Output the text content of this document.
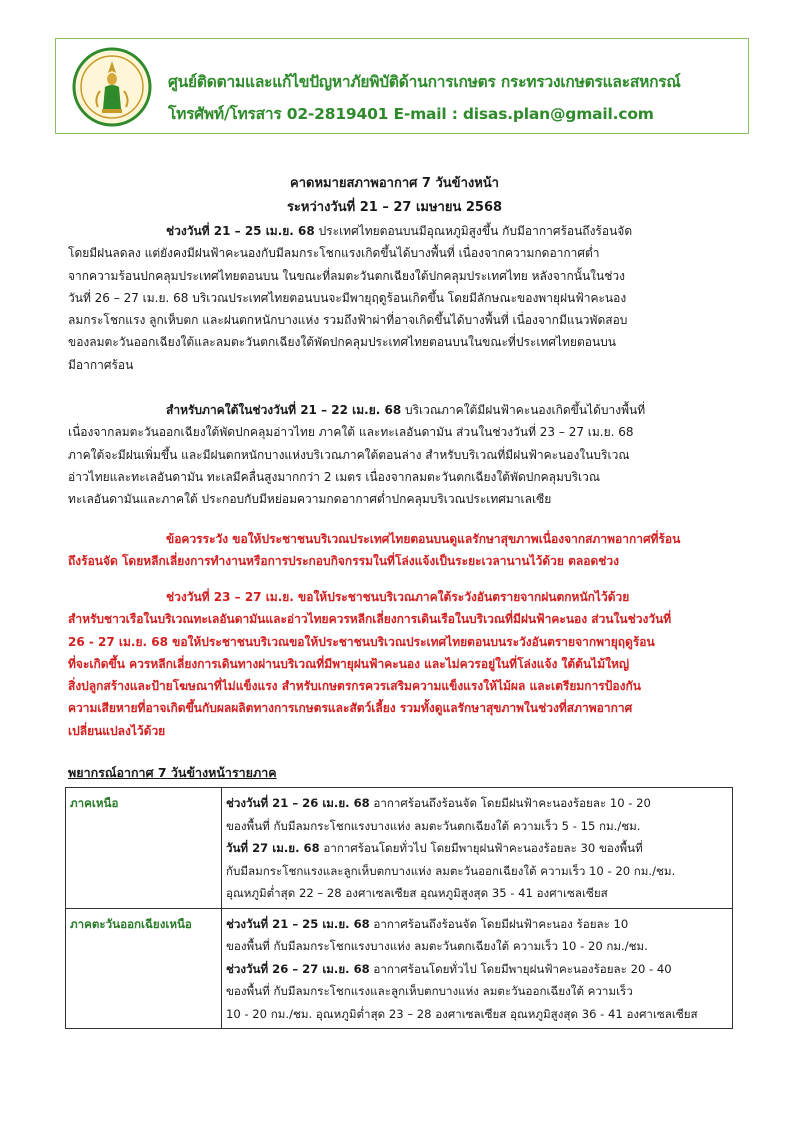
ศูนย์ติดตามและแก้ไขปัญหาภัยพิบัติด้านการเกษตร กระทรวงเกษตรและสหกรณ์
โทรศัพท์/โทรสาร 02-2819401 E-mail : disas.plan@gmail.com
คาดหมายสภาพอากาศ 7 วันข้างหน้า
ระหว่างวันที่ 21 – 27 เมษายน 2568
ช่วงวันที่ 21 – 25 เม.ย. 68 ประเทศไทยตอนบนมีอุณหภูมิสูงขึ้น กับมีอากาศร้อนถึงร้อนจัด
โดยมีฝนลดลง แต่ยังคงมีฝนฟ้าคะนองกับมีลมกระโชกแรงเกิดขึ้นได้บางพื้นที่ เนื่องจากความกดอากาศต่ำ
จากความร้อนปกคลุมประเทศไทยตอนบน ในขณะที่ลมตะวันตกเฉียงใต้ปกคลุมประเทศไทย หลังจากนั้นในช่วง
วันที่ 26 – 27 เม.ย. 68 บริเวณประเทศไทยตอนบนจะมีพายุฤดูร้อนเกิดขึ้น โดยมีลักษณะของพายุฝนฟ้าคะนอง
ลมกระโชกแรง ลูกเห็บตก และฝนตกหนักบางแห่ง รวมถึงฟ้าผ่าที่อาจเกิดขึ้นได้บางพื้นที่ เนื่องจากมีแนวพัดสอบ
ของลมตะวันออกเฉียงใต้และลมตะวันตกเฉียงใต้พัดปกคลุมประเทศไทยตอนบนในขณะที่ประเทศไทยตอนบน
มีอากาศร้อน
สำหรับภาคใต้ในช่วงวันที่ 21 – 22 เม.ย. 68 บริเวณภาคใต้มีฝนฟ้าคะนองเกิดขึ้นได้บางพื้นที่
เนื่องจากลมตะวันออกเฉียงใต้พัดปกคลุมอ่าวไทย ภาคใต้ และทะเลอันดามัน ส่วนในช่วงวันที่ 23 – 27 เม.ย. 68
ภาคใต้จะมีฝนเพิ่มขึ้น และมีฝนตกหนักบางแห่งบริเวณภาคใต้ตอนล่าง สำหรับบริเวณที่มีฝนฟ้าคะนองในบริเวณ
อ่าวไทยและทะเลอันดามัน ทะเลมีคลื่นสูงมากกว่า 2 เมตร เนื่องจากลมตะวันตกเฉียงใต้พัดปกคลุมบริเวณ
ทะเลอันดามันและภาคใต้ ประกอบกับมีหย่อมความกดอากาศต่ำปกคลุมบริเวณประเทศมาเลเซีย
ข้อควรระวัง ขอให้ประชาชนบริเวณประเทศไทยตอนบนดูแลรักษาสุขภาพเนื่องจากสภาพอากาศที่ร้อน
ถึงร้อนจัด โดยหลีกเลี่ยงการทำงานหรือการประกอบกิจกรรมในที่โล่งแจ้งเป็นระยะเวลานานไว้ด้วย ตลอดช่วง
ช่วงวันที่ 23 – 27 เม.ย. ขอให้ประชาชนบริเวณภาคใต้ระวังอันตรายจากฝนตกหนักไว้ด้วย
สำหรับชาวเรือในบริเวณทะเลอันดามันและอ่าวไทยควรหลีกเลี่ยงการเดินเรือในบริเวณที่มีฝนฟ้าคะนอง ส่วนในช่วงวันที่
26 - 27 เม.ย. 68 ขอให้ประชาชนบริเวณขอให้ประชาชนบริเวณประเทศไทยตอนบนระวังอันตรายจากพายุฤดูร้อน
ที่จะเกิดขึ้น ควรหลีกเลี่ยงการเดินทางผ่านบริเวณที่มีพายุฝนฟ้าคะนอง และไม่ควรอยู่ในที่โล่งแจ้ง ใต้ต้นไม้ใหญ่
สิ่งปลูกสร้างและป้ายโฆษณาที่ไม่แข็งแรง สำหรับเกษตรกรควรเสริมความแข็งแรงให้ไม้ผล และเตรียมการป้องกัน
ความเสียหายที่อาจเกิดขึ้นกับผลผลิตทางการเกษตรและสัตว์เลี้ยง รวมทั้งดูแลรักษาสุขภาพในช่วงที่สภาพอากาศ
เปลี่ยนแปลงไว้ด้วย
พยากรณ์อากาศ 7 วันข้างหน้ารายภาค
ภาคเหนือ	ช่วงวันที่ 21 – 26 เม.ย. 68 อากาศร้อนถึงร้อนจัด โดยมีฝนฟ้าคะนองร้อยละ 10 - 20
ของพื้นที่ กับมีลมกระโชกแรงบางแห่ง ลมตะวันตกเฉียงใต้ ความเร็ว 5 - 15 กม./ชม.
วันที่ 27 เม.ย. 68 อากาศร้อนโดยทั่วไป โดยมีพายุฝนฟ้าคะนองร้อยละ 30 ของพื้นที่
กับมีลมกระโชกแรงและลูกเห็บตกบางแห่ง ลมตะวันออกเฉียงใต้ ความเร็ว 10 - 20 กม./ชม.
อุณหภูมิต่ำสุด 22 – 28 องศาเซลเซียส อุณหภูมิสูงสุด 35 - 41 องศาเซลเซียส

ภาคตะวันออกเฉียงเหนือ	ช่วงวันที่ 21 – 25 เม.ย. 68 อากาศร้อนถึงร้อนจัด โดยมีฝนฟ้าคะนอง ร้อยละ 10
ของพื้นที่ กับมีลมกระโชกแรงบางแห่ง ลมตะวันตกเฉียงใต้ ความเร็ว 10 - 20 กม./ชม.
ช่วงวันที่ 26 – 27 เม.ย. 68 อากาศร้อนโดยทั่วไป โดยมีพายุฝนฟ้าคะนองร้อยละ 20 - 40
ของพื้นที่ กับมีลมกระโชกแรงและลูกเห็บตกบางแห่ง ลมตะวันออกเฉียงใต้ ความเร็ว
10 - 20 กม./ชม. อุณหภูมิต่ำสุด 23 – 28 องศาเซลเซียส อุณหภูมิสูงสุด 36 - 41 องศาเซลเซียส
